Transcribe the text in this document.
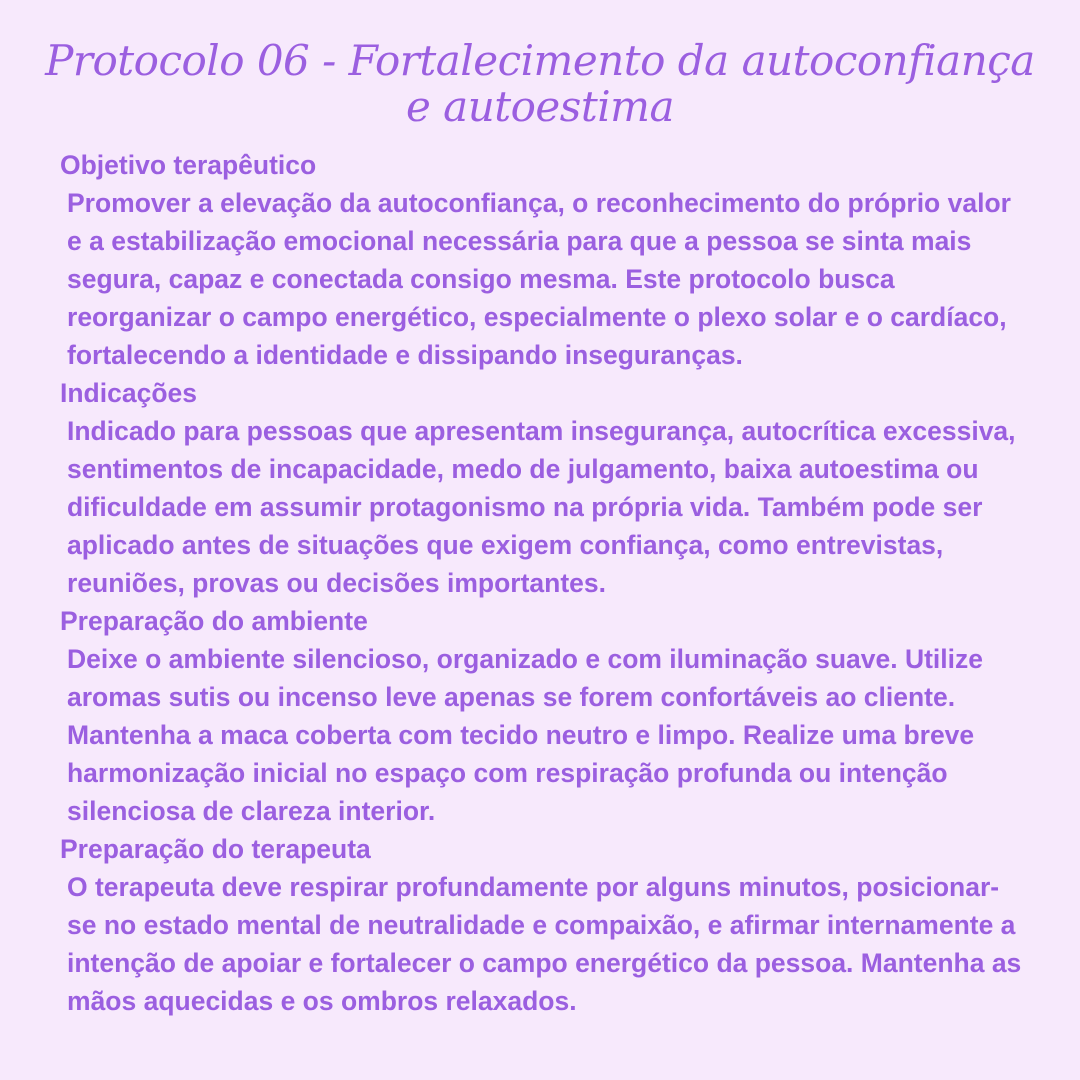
Protocolo 06 - Fortalecimento da autoconfiança e autoestima
Objetivo terapêutico

Promover a elevação da autoconfiança, o reconhecimento do próprio valor e a estabilização emocional necessária para que a pessoa se sinta mais segura, capaz e conectada consigo mesma. Este protocolo busca reorganizar o campo energético, especialmente o plexo solar e o cardíaco, fortalecendo a identidade e dissipando inseguranças.

Indicações

Indicado para pessoas que apresentam insegurança, autocrítica excessiva, sentimentos de incapacidade, medo de julgamento, baixa autoestima ou dificuldade em assumir protagonismo na própria vida. Também pode ser aplicado antes de situações que exigem confiança, como entrevistas, reuniões, provas ou decisões importantes.

Preparação do ambiente

Deixe o ambiente silencioso, organizado e com iluminação suave. Utilize aromas sutis ou incenso leve apenas se forem confortáveis ao cliente. Mantenha a maca coberta com tecido neutro e limpo. Realize uma breve harmonização inicial no espaço com respiração profunda ou intenção silenciosa de clareza interior.

Preparação do terapeuta

O terapeuta deve respirar profundamente por alguns minutos, posicionar-se no estado mental de neutralidade e compaixão, e afirmar internamente a intenção de apoiar e fortalecer o campo energético da pessoa. Mantenha as mãos aquecidas e os ombros relaxados.
